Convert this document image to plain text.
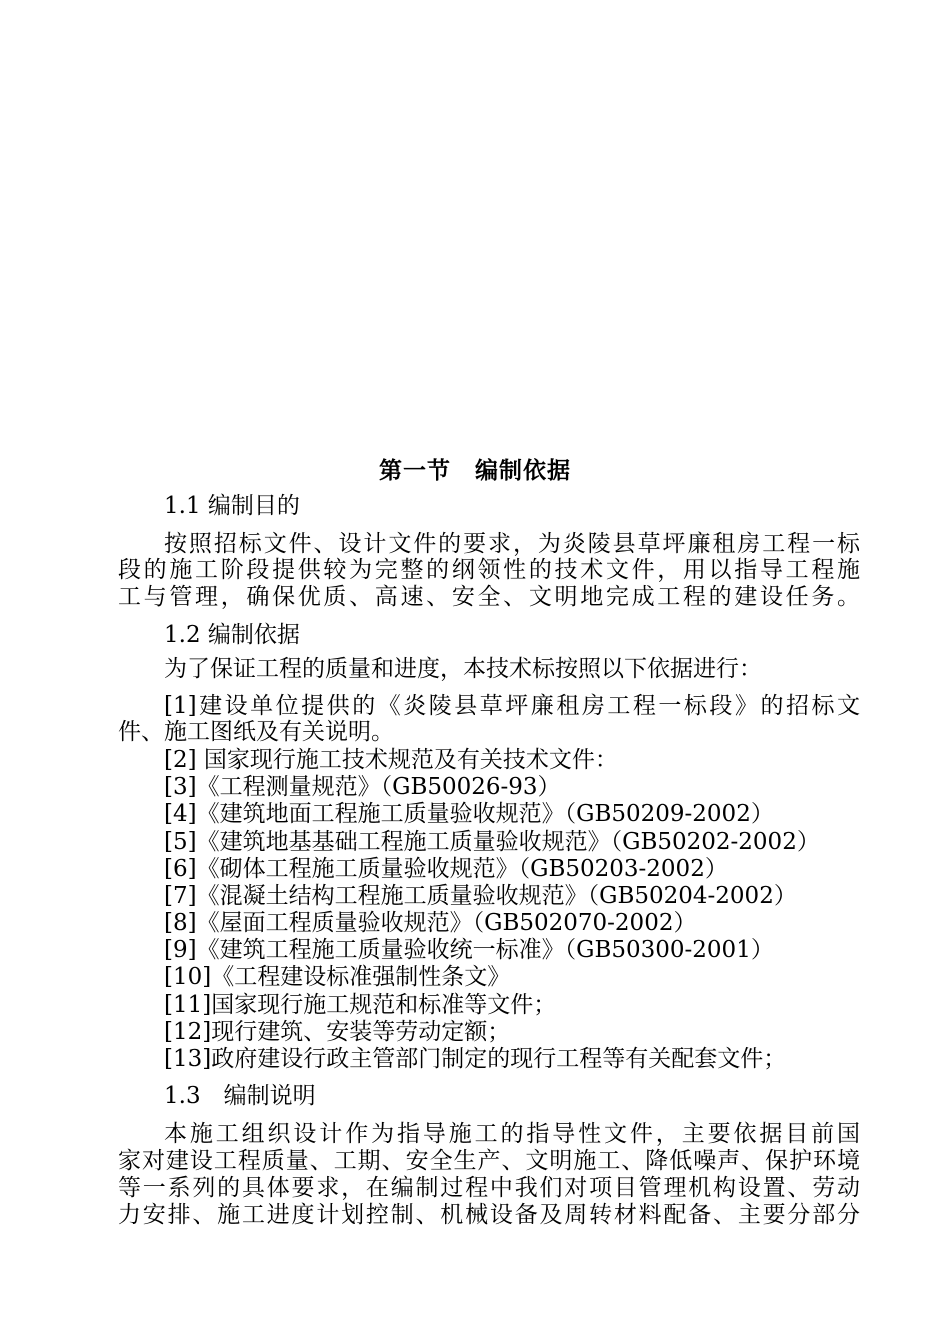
第一节　编制依据
1.1 编制目的
按照招标文件、设计文件的要求，为炎陵县草坪廉租房工程一标
段的施工阶段提供较为完整的纲领性的技术文件，用以指导工程施
工与管理，确保优质、高速、安全、文明地完成工程的建设任务。
1.2 编制依据
为了保证工程的质量和进度，本技术标按照以下依据进行：
[1]建设单位提供的《炎陵县草坪廉租房工程一标段》的招标文
件、施工图纸及有关说明。
[2] 国家现行施工技术规范及有关技术文件：
[3]《工程测量规范》（GB50026-93）
[4]《建筑地面工程施工质量验收规范》（GB50209-2002）
[5]《建筑地基基础工程施工质量验收规范》（GB50202-2002）
[6]《砌体工程施工质量验收规范》（GB50203-2002）
[7]《混凝土结构工程施工质量验收规范》（GB50204-2002）
[8]《屋面工程质量验收规范》（GB502070-2002）
[9]《建筑工程施工质量验收统一标准》（GB50300-2001）
[10]《工程建设标准强制性条文》
[11]国家现行施工规范和标准等文件；
[12]现行建筑、安装等劳动定额；
[13]政府建设行政主管部门制定的现行工程等有关配套文件；
1.3　编制说明
本施工组织设计作为指导施工的指导性文件，主要依据目前国
家对建设工程质量、工期、安全生产、文明施工、降低噪声、保护环境
等一系列的具体要求，在编制过程中我们对项目管理机构设置、劳动
力安排、施工进度计划控制、机械设备及周转材料配备、主要分部分
